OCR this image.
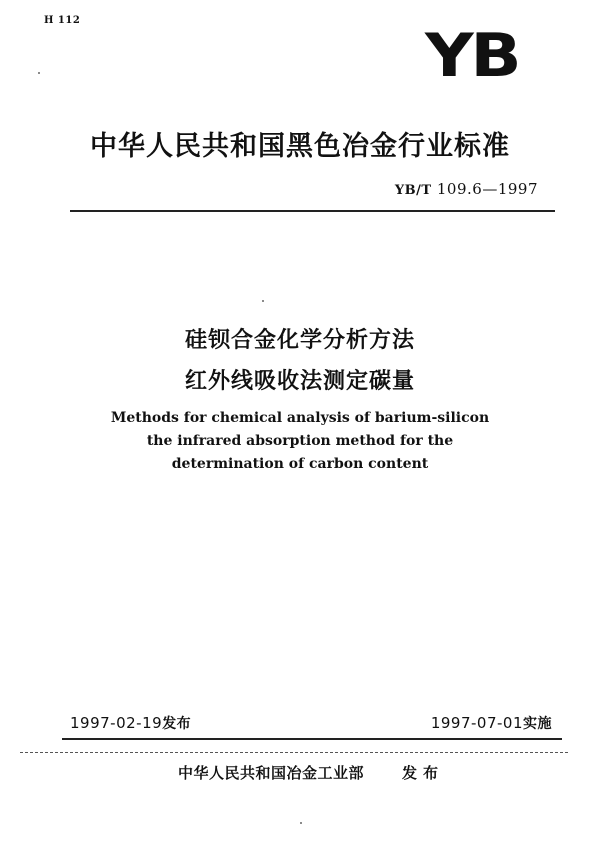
H 112
YB
中华人民共和国黑色冶金行业标准
YB/T 109.6—1997
硅钡合金化学分析方法
红外线吸收法测定碳量
Methods for chemical analysis of barium-silicon
the infrared absorption method for the
determination of carbon content
1997-02-19发布	1997-07-01实施
中华人民共和国冶金工业部	发布
